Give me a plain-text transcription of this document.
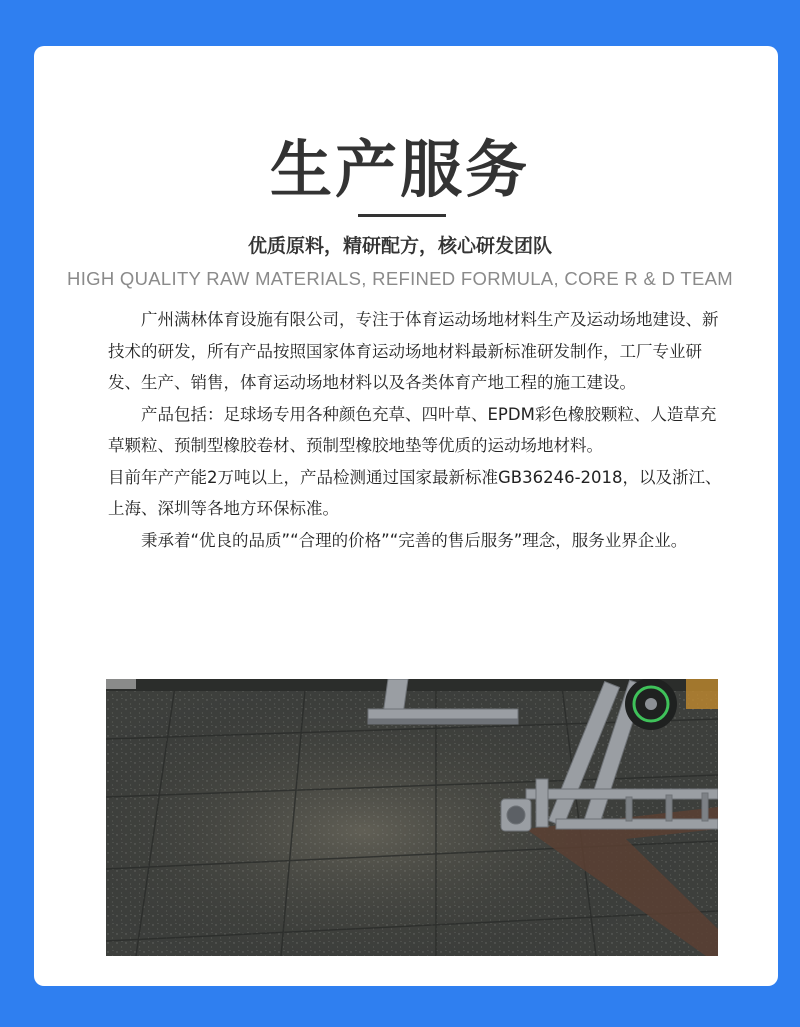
生产服务
优质原料，精研配方，核心研发团队
HIGH QUALITY RAW MATERIALS, REFINED FORMULA, CORE R & D TEAM

广州满林体育设施有限公司，专注于体育运动场地材料生产及运动场地建设、新技术的研发，所有产品按照国家体育运动场地材料最新标准研发制作，工厂专业研发、生产、销售，体育运动场地材料以及各类体育产地工程的施工建设。

产品包括：足球场专用各种颜色充草、四叶草、EPDM彩色橡胶颗粒、人造草充草颗粒、预制型橡胶卷材、预制型橡胶地垫等优质的运动场地材料。

目前年产产能2万吨以上，产品检测通过国家最新标准GB36246-2018，以及浙江、上海、深圳等各地方环保标准。

秉承着“优良的品质”“合理的价格”“完善的售后服务”理念，服务业界企业。
